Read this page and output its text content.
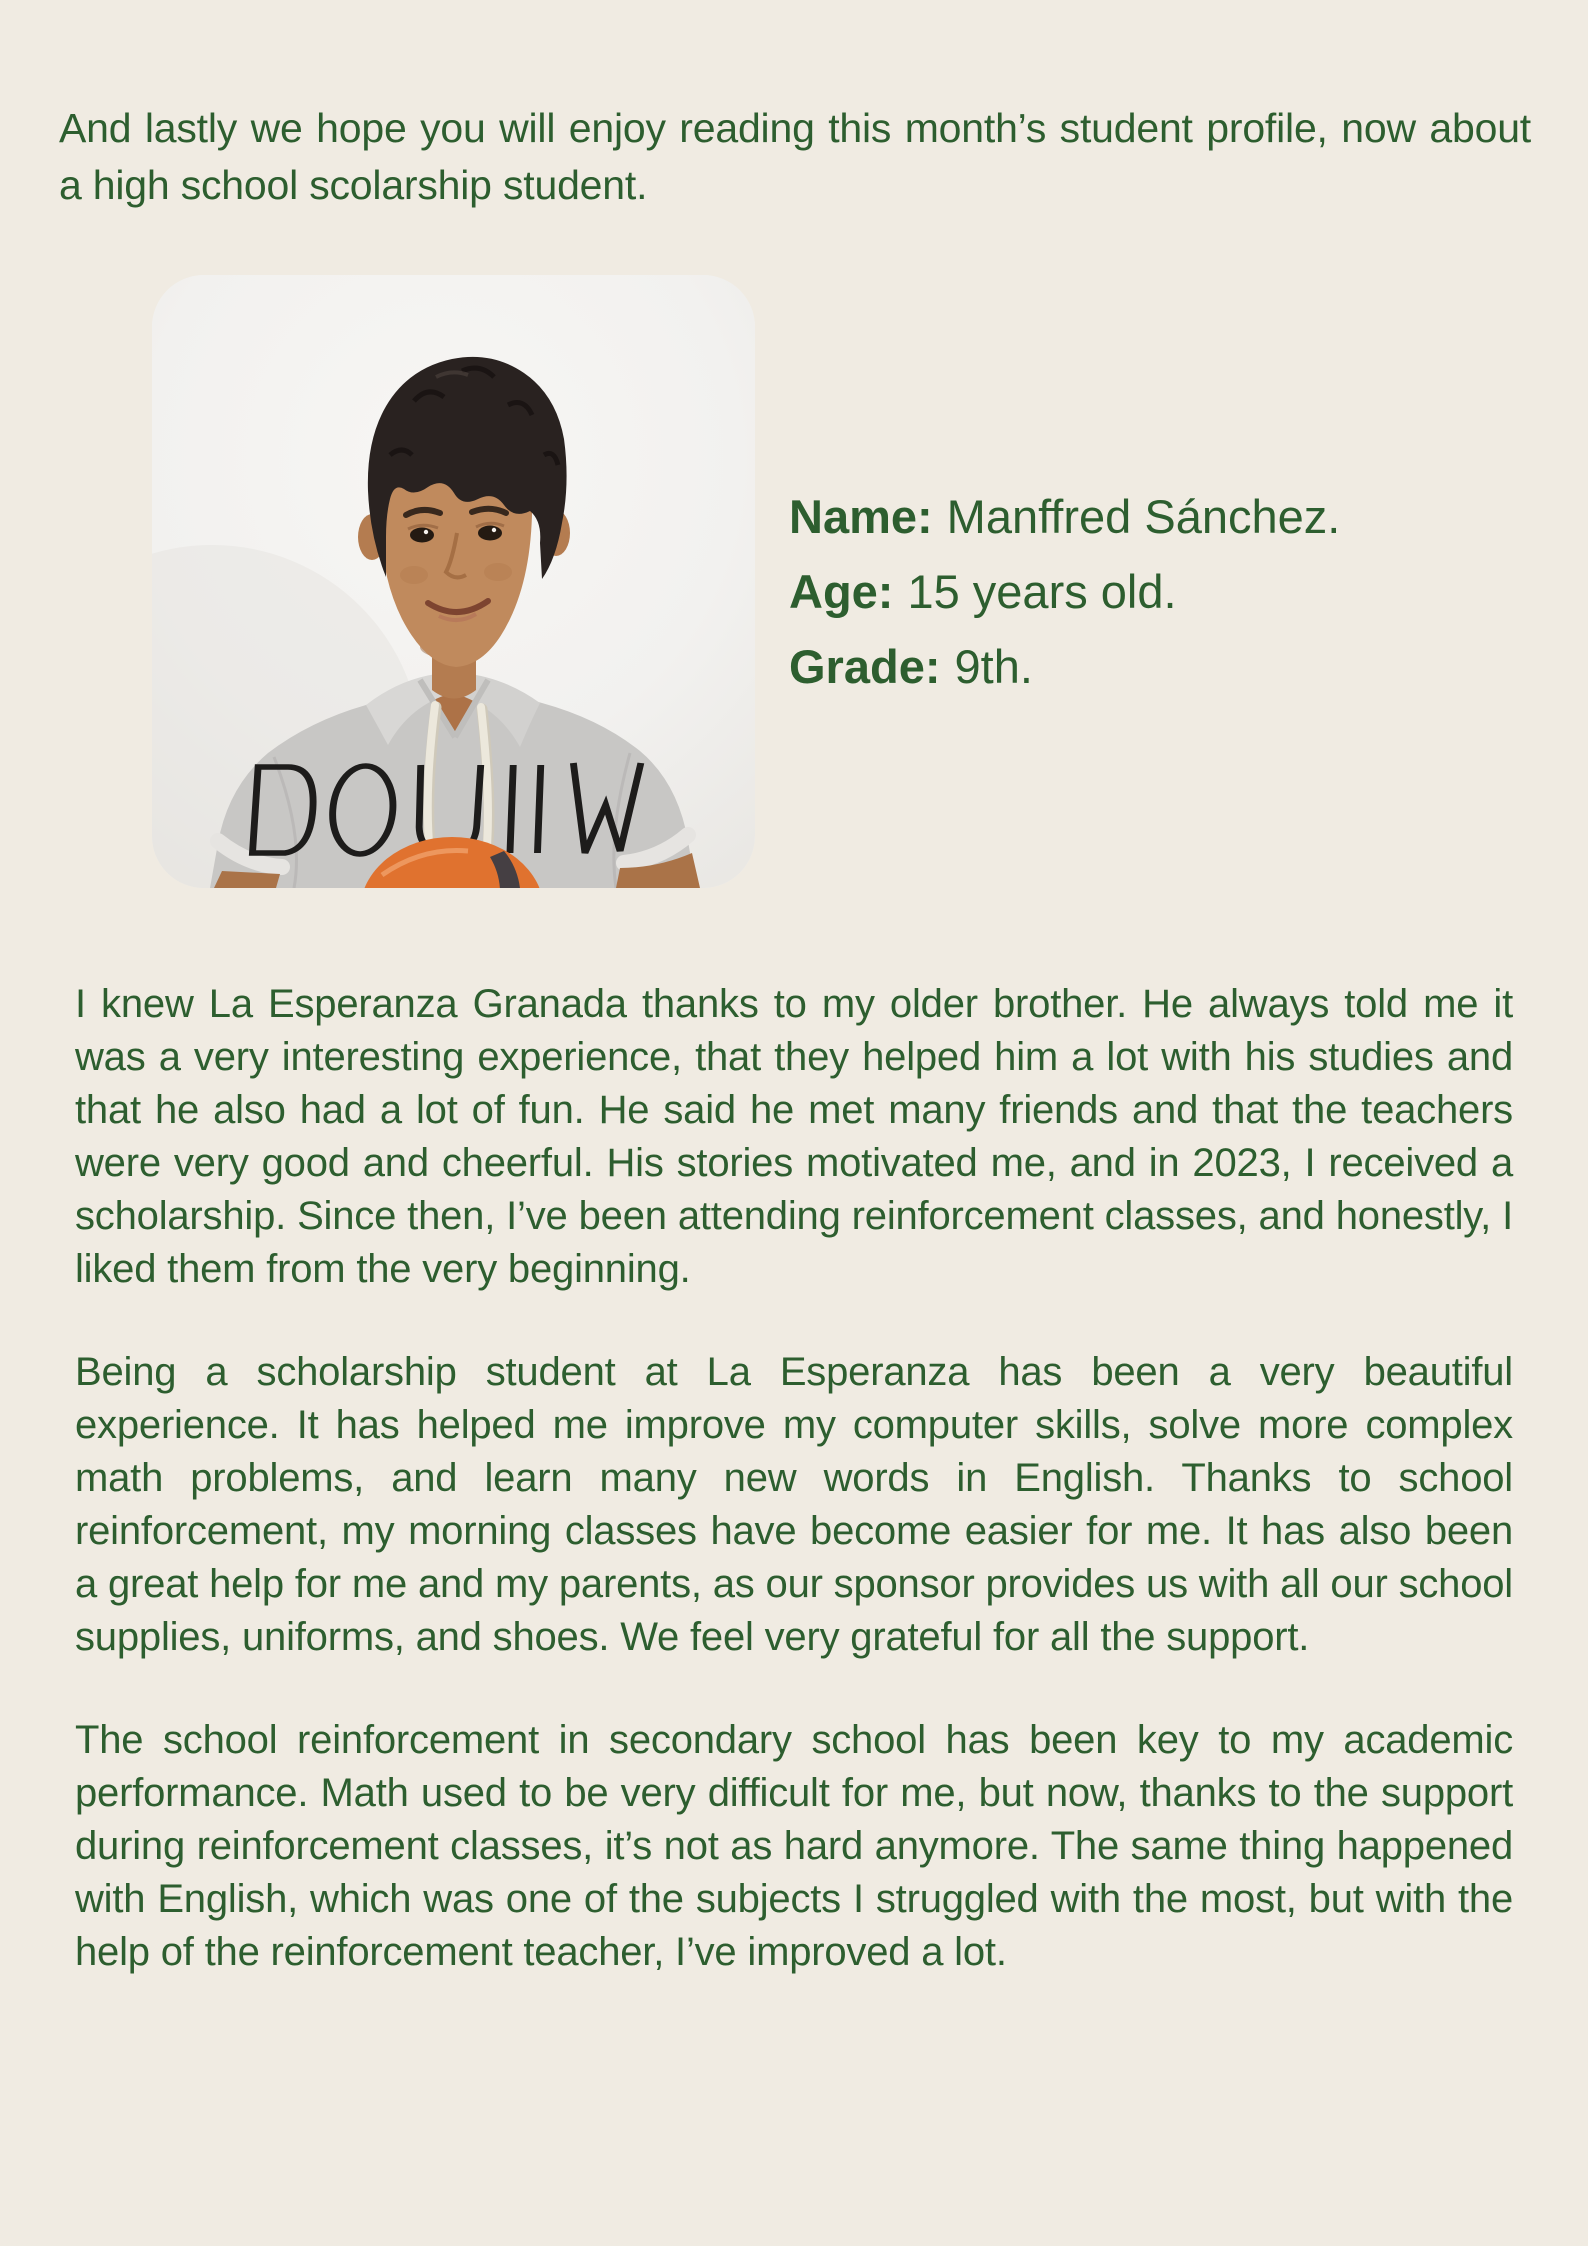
And lastly we hope you will enjoy reading this month’s student profile, now about a high school scolarship student.
Name: Manffred Sánchez.
Age: 15 years old.
Grade: 9th.

I knew La Esperanza Granada thanks to my older brother. He always told me it was a very interesting experience, that they helped him a lot with his studies and that he also had a lot of fun. He said he met many friends and that the teachers were very good and cheerful. His stories motivated me, and in 2023, I received a scholarship. Since then, I’ve been attending reinforcement classes, and honestly, I liked them from the very beginning.

Being a scholarship student at La Esperanza has been a very beautiful experience. It has helped me improve my computer skills, solve more complex math problems, and learn many new words in English. Thanks to school reinforcement, my morning classes have become easier for me. It has also been a great help for me and my parents, as our sponsor provides us with all our school supplies, uniforms, and shoes. We feel very grateful for all the support.

The school reinforcement in secondary school has been key to my academic performance. Math used to be very difficult for me, but now, thanks to the support during reinforcement classes, it’s not as hard anymore. The same thing happened with English, which was one of the subjects I struggled with the most, but with the help of the reinforcement teacher, I’ve improved a lot.
